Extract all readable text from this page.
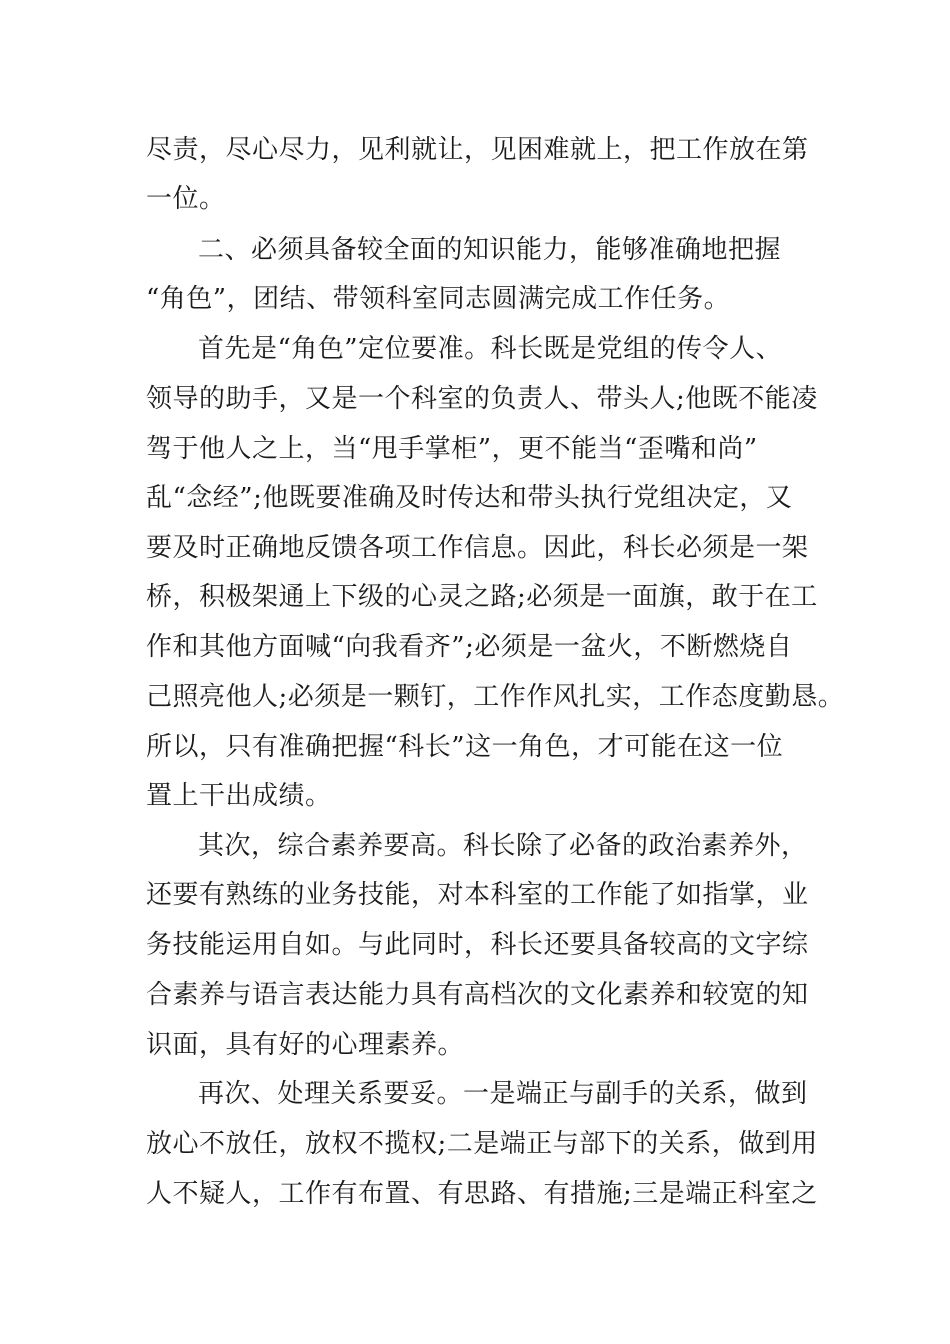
尽责，尽心尽力，见利就让，见困难就上，把工作放在第
一位。
二、必须具备较全面的知识能力，能够准确地把握
“角色”，团结、带领科室同志圆满完成工作任务。
首先是“角色”定位要准。科长既是党组的传令人、
领导的助手，又是一个科室的负责人、带头人;他既不能凌
驾于他人之上，当“甩手掌柜”，更不能当“歪嘴和尚”
乱“念经”;他既要准确及时传达和带头执行党组决定，又
要及时正确地反馈各项工作信息。因此，科长必须是一架
桥，积极架通上下级的心灵之路;必须是一面旗，敢于在工
作和其他方面喊“向我看齐”;必须是一盆火，不断燃烧自
己照亮他人;必须是一颗钉，工作作风扎实，工作态度勤恳。
所以，只有准确把握“科长”这一角色，才可能在这一位
置上干出成绩。
其次，综合素养要高。科长除了必备的政治素养外，
还要有熟练的业务技能，对本科室的工作能了如指掌，业
务技能运用自如。与此同时，科长还要具备较高的文字综
合素养与语言表达能力具有高档次的文化素养和较宽的知
识面，具有好的心理素养。
再次、处理关系要妥。一是端正与副手的关系，做到
放心不放任，放权不揽权;二是端正与部下的关系，做到用
人不疑人，工作有布置、有思路、有措施;三是端正科室之
